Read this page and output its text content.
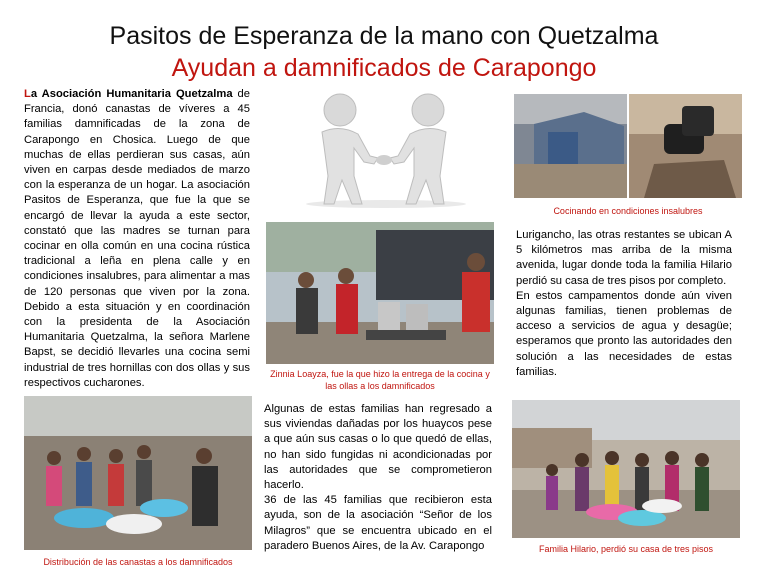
Pasitos de Esperanza de la mano con Quetzalma
Ayudan a damnificados de Carapongo

La Asociación Humanitaria Quetzalma de Francia, donó canastas de víveres a 45 familias damnificadas de la zona de Carapongo en Chosica. Luego de que muchas de ellas perdieran sus casas, aún viven en carpas desde mediados de marzo con la esperanza de un hogar. La asociación Pasitos de Esperanza, que fue la que se encargó de llevar la ayuda a este sector, constató que las madres se turnan para cocinar en olla común en una cocina rústica tradicional a leña en plena calle y en condiciones insalubres, para alimentar a mas de 120 personas que viven por la zona. Debido a esta situación y en coordinación con la presidenta de la Asociación Humanitaria Quetzalma, la señora Marlene Bapst, se decidió llevarles una cocina semi industrial de tres hornillas con dos ollas y sus respectivos cucharones.

Cocinando en condiciones insalubres
Zinnia Loayza, fue la que hizo la entrega de la cocina y las ollas a los damnificados

Lurigancho, las otras restantes se ubican A 5 kilómetros mas arriba de la misma avenida, lugar donde toda la familia Hilario perdió su casa de tres pisos por completo.

En estos campamentos donde aún viven algunas familias, tienen problemas de acceso a servicios de agua y desagüe; esperamos que pronto las autoridades den solución a las necesidades de estas familias.

Distribución de las canastas a los damnificados

Algunas de estas familias han regresado a sus viviendas dañadas por los huaycos pese a que aún sus casas o lo que quedó de ellas, no han sido fungidas ni acondicionadas por las autoridades que se comprometieron hacerlo.

36 de las 45 familias que recibieron esta ayuda, son de la asociación “Señor de los Milagros” que se encuentra ubicado en el paradero Buenos Aires, de la Av. Carapongo	Familia Hilario, perdió su casa de tres pisos
